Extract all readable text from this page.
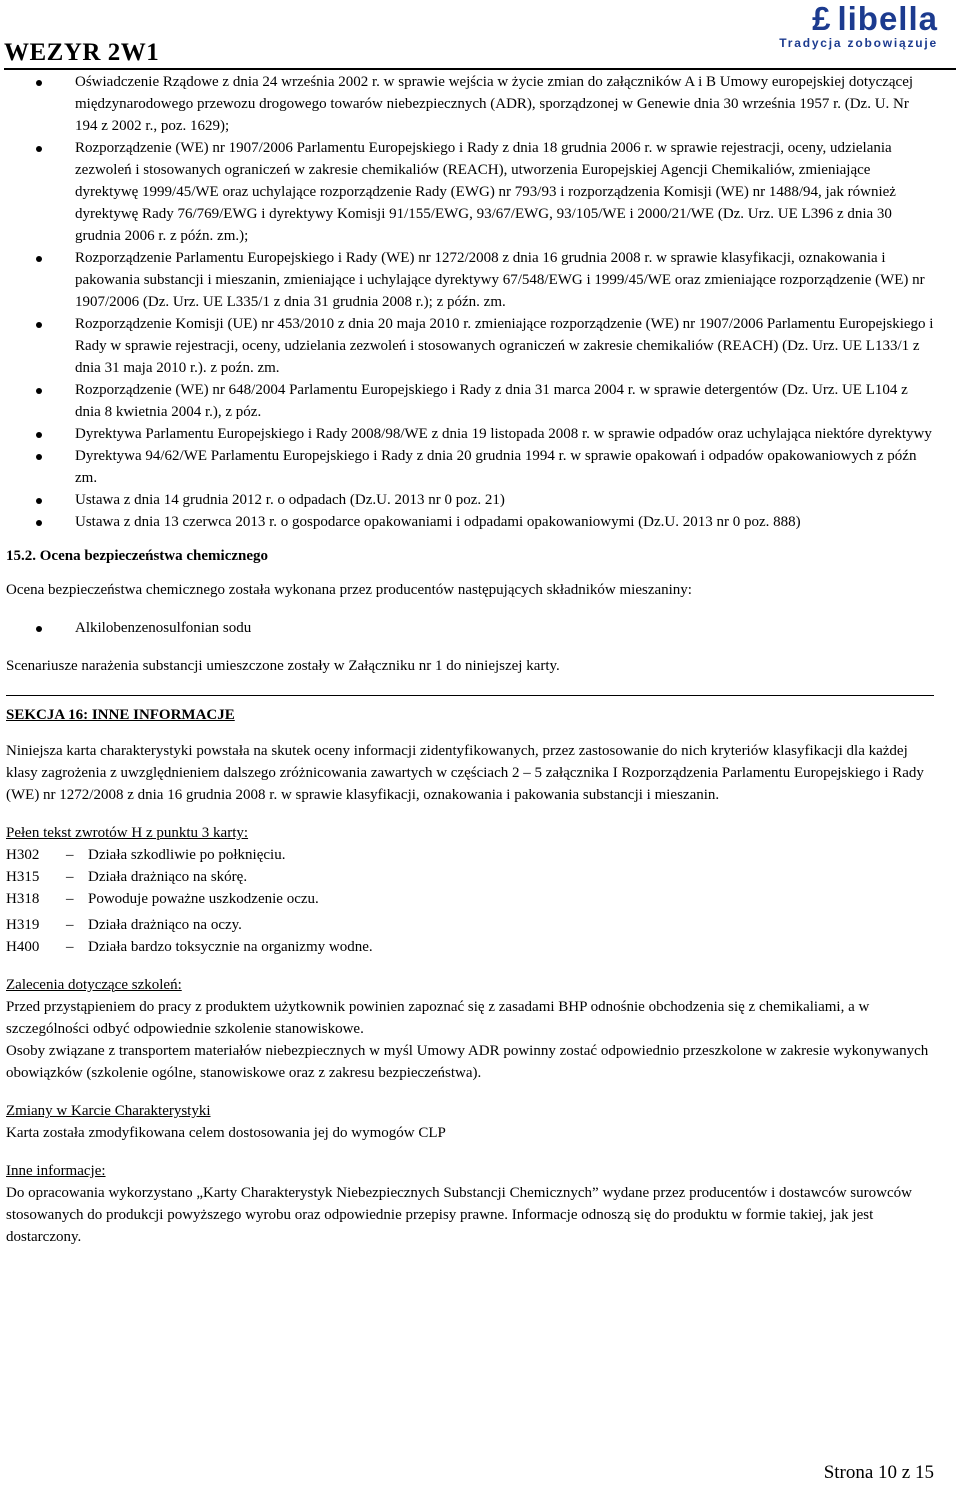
WEZYR 2W1
£ libella
Tradycja zobowiązuje
Oświadczenie Rządowe z dnia 24 września 2002 r. w sprawie wejścia w życie zmian do załączników A i B Umowy europejskiej dotyczącej międzynarodowego przewozu drogowego towarów niebezpiecznych (ADR), sporządzonej w Genewie dnia 30 września 1957 r. (Dz. U. Nr 194 z 2002 r., poz. 1629);
Rozporządzenie (WE) nr 1907/2006 Parlamentu Europejskiego i Rady z dnia 18 grudnia 2006 r. w sprawie rejestracji, oceny, udzielania zezwoleń i stosowanych ograniczeń w zakresie chemikaliów (REACH), utworzenia Europejskiej Agencji Chemikaliów, zmieniające dyrektywę 1999/45/WE oraz uchylające rozporządzenie Rady (EWG) nr 793/93 i rozporządzenia Komisji (WE) nr 1488/94, jak również dyrektywę Rady 76/769/EWG i dyrektywy Komisji 91/155/EWG, 93/67/EWG, 93/105/WE i 2000/21/WE (Dz. Urz. UE L396 z dnia 30 grudnia 2006 r. z późn. zm.);
Rozporządzenie Parlamentu Europejskiego i Rady (WE) nr 1272/2008 z dnia 16 grudnia 2008 r. w sprawie klasyfikacji, oznakowania i pakowania substancji i mieszanin, zmieniające i uchylające dyrektywy 67/548/EWG i 1999/45/WE oraz zmieniające rozporządzenie (WE) nr 1907/2006 (Dz. Urz. UE L335/1 z dnia 31 grudnia 2008 r.); z późn. zm.
Rozporządzenie Komisji (UE) nr 453/2010 z dnia 20 maja 2010 r. zmieniające rozporządzenie (WE) nr 1907/2006 Parlamentu Europejskiego i Rady w sprawie rejestracji, oceny, udzielania zezwoleń i stosowanych ograniczeń w zakresie chemikaliów (REACH) (Dz. Urz. UE L133/1 z dnia 31 maja 2010 r.). z poźn. zm.
Rozporządzenie (WE) nr 648/2004 Parlamentu Europejskiego i Rady z dnia 31 marca 2004 r. w sprawie detergentów (Dz. Urz. UE L104 z dnia 8 kwietnia 2004 r.), z póz.
Dyrektywa Parlamentu Europejskiego i Rady 2008/98/WE z dnia 19 listopada 2008 r. w sprawie odpadów oraz uchylająca niektóre dyrektywy
Dyrektywa 94/62/WE Parlamentu Europejskiego i Rady z dnia 20 grudnia 1994 r. w sprawie opakowań i odpadów opakowaniowych z późn zm.
Ustawa z dnia 14 grudnia 2012 r. o odpadach (Dz.U. 2013 nr 0 poz. 21)
Ustawa z dnia 13 czerwca 2013 r. o gospodarce opakowaniami i odpadami opakowaniowymi (Dz.U. 2013 nr 0 poz. 888)

15.2. Ocena bezpieczeństwa chemicznego

Ocena bezpieczeństwa chemicznego została wykonana przez producentów następujących składników mieszaniny:

Alkilobenzenosulfonian sodu

Scenariusze narażenia substancji umieszczone zostały w Załączniku nr 1 do niniejszej karty.

SEKCJA 16: INNE INFORMACJE

Niniejsza karta charakterystyki powstała na skutek oceny informacji zidentyfikowanych, przez zastosowanie do nich kryteriów klasyfikacji dla każdej klasy zagrożenia z uwzględnieniem dalszego zróżnicowania zawartych w częściach 2 – 5 załącznika I Rozporządzenia Parlamentu Europejskiego i Rady (WE) nr 1272/2008 z dnia 16 grudnia 2008 r. w sprawie klasyfikacji, oznakowania i pakowania substancji i mieszanin.

Pełen tekst zwrotów H z punktu 3 karty:

H302	– Działa szkodliwie po połknięciu.
H315	– Działa drażniąco na skórę.
H318	– Powoduje poważne uszkodzenie oczu.
H319	– Działa drażniąco na oczy.
H400	– Działa bardzo toksycznie na organizmy wodne.

Zalecenia dotyczące szkoleń:

Przed przystąpieniem do pracy z produktem użytkownik powinien zapoznać się z zasadami BHP odnośnie obchodzenia się z chemikaliami, a w szczególności odbyć odpowiednie szkolenie stanowiskowe.

Osoby związane z transportem materiałów niebezpiecznych w myśl Umowy ADR powinny zostać odpowiednio przeszkolone w zakresie wykonywanych obowiązków (szkolenie ogólne, stanowiskowe oraz z zakresu bezpieczeństwa).

Zmiany w Karcie Charakterystyki

Karta została zmodyfikowana celem dostosowania jej do wymogów CLP

Inne informacje:

Do opracowania wykorzystano „Karty Charakterystyk Niebezpiecznych Substancji Chemicznych” wydane przez producentów i dostawców surowców stosowanych do produkcji powyższego wyrobu oraz odpowiednie przepisy prawne. Informacje odnoszą się do produktu w formie takiej, jak jest dostarczony.

Strona 10 z 15
